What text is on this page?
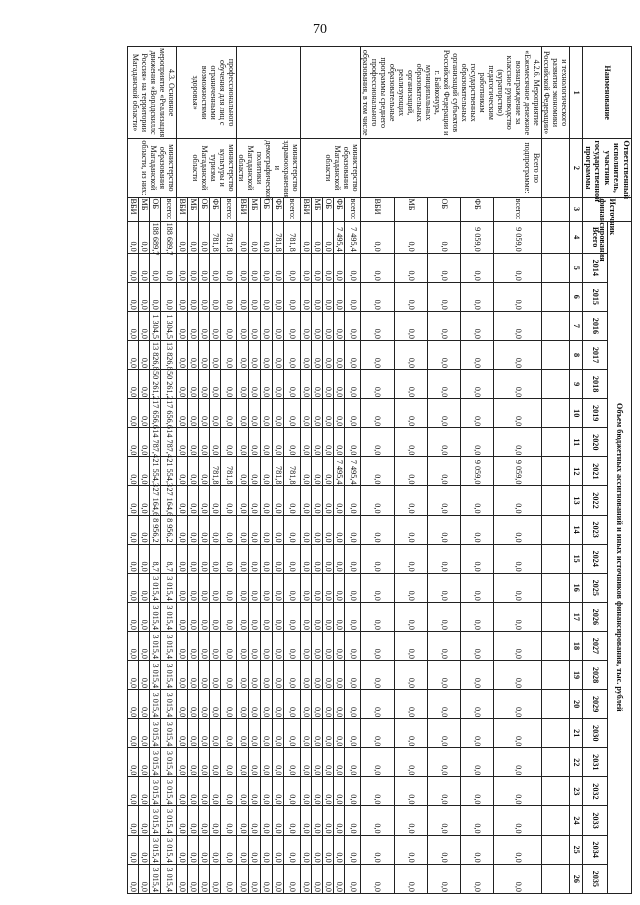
70
Наименование	Ответственный исполнитель, участник государственной программы	Источник финансирования	Объем бюджетных ассигнований и иных источников финансирования, тыс. рублей																						
			Всего	2014	2015	2016	2017	2018	2019	2020	2021	2022	2023	2024	2025	2026	2027	2028	2029	2030	2031	2032	2033	2034	2035
1	2	3	4	5	6	7	8	9	10	11	12	13	14	15	16	17	18	19	20	21	22	23	24	25	26
и технологического развития экономики Российской Федерации»																									
4.2.6. Мероприятие «Ежемесячное денежное вознаграждение за классное руководство (кураторство) педагогическим работникам государственных образовательных организаций субъектов Российской Федерации и г. Байконура, муниципальных образовательных организаций, реализующих образовательные программы среднего профессионального образования, в том числе	Всего по подпрограмме:	всего:	9 059,0	0,0	0,0	0,0	0,0	0,0	0,0	0,0	9 059,0	0,0	0,0	0,0	0,0	0,0	0,0	0,0	0,0	0,0	0,0	0,0	0,0	0,0	0,0
		ФБ	9 059,0	0,0	0,0	0,0	0,0	0,0	0,0	0,0	9 059,0	0,0	0,0	0,0	0,0	0,0	0,0	0,0	0,0	0,0	0,0	0,0	0,0	0,0	0,0
		ОБ	0,0	0,0	0,0	0,0	0,0	0,0	0,0	0,0	0,0	0,0	0,0	0,0	0,0	0,0	0,0	0,0	0,0	0,0	0,0	0,0	0,0	0,0	0,0
		МБ	0,0	0,0	0,0	0,0	0,0	0,0	0,0	0,0	0,0	0,0	0,0	0,0	0,0	0,0	0,0	0,0	0,0	0,0	0,0	0,0	0,0	0,0	0,0
		ВБИ	0,0	0,0	0,0	0,0	0,0	0,0	0,0	0,0	0,0	0,0	0,0	0,0	0,0	0,0	0,0	0,0	0,0	0,0	0,0	0,0	0,0	0,0	0,0
	министерство образования Магаданской области	всего:	7 495,4	0,0	0,0	0,0	0,0	0,0	0,0	0,0	7 495,4	0,0	0,0	0,0	0,0	0,0	0,0	0,0	0,0	0,0	0,0	0,0	0,0	0,0	0,0
		ФБ	7 495,4	0,0	0,0	0,0	0,0	0,0	0,0	0,0	7 495,4	0,0	0,0	0,0	0,0	0,0	0,0	0,0	0,0	0,0	0,0	0,0	0,0	0,0	0,0
		ОБ	0,0	0,0	0,0	0,0	0,0	0,0	0,0	0,0	0,0	0,0	0,0	0,0	0,0	0,0	0,0	0,0	0,0	0,0	0,0	0,0	0,0	0,0	0,0
		МБ	0,0	0,0	0,0	0,0	0,0	0,0	0,0	0,0	0,0	0,0	0,0	0,0	0,0	0,0	0,0	0,0	0,0	0,0	0,0	0,0	0,0	0,0	0,0
		ВБИ	0,0	0,0	0,0	0,0	0,0	0,0	0,0	0,0	0,0	0,0	0,0	0,0	0,0	0,0	0,0	0,0	0,0	0,0	0,0	0,0	0,0	0,0	0,0
	министерство здравоохранения и демографической политики Магаданской области	всего:	781,8	0,0	0,0	0,0	0,0	0,0	0,0	0,0	781,8	0,0	0,0	0,0	0,0	0,0	0,0	0,0	0,0	0,0	0,0	0,0	0,0	0,0	0,0
		ФБ	781,8	0,0	0,0	0,0	0,0	0,0	0,0	0,0	781,8	0,0	0,0	0,0	0,0	0,0	0,0	0,0	0,0	0,0	0,0	0,0	0,0	0,0	0,0
		ОБ	0,0	0,0	0,0	0,0	0,0	0,0	0,0	0,0	0,0	0,0	0,0	0,0	0,0	0,0	0,0	0,0	0,0	0,0	0,0	0,0	0,0	0,0	0,0
		МБ	0,0	0,0	0,0	0,0	0,0	0,0	0,0	0,0	0,0	0,0	0,0	0,0	0,0	0,0	0,0	0,0	0,0	0,0	0,0	0,0	0,0	0,0	0,0
		ВБИ	0,0	0,0	0,0	0,0	0,0	0,0	0,0	0,0	0,0	0,0	0,0	0,0	0,0	0,0	0,0	0,0	0,0	0,0	0,0	0,0	0,0	0,0	0,0
профессионального обучения для лиц с ограниченными возможностями здоровья»	министерство культуры и туризма Магаданской области	всего:	781,8	0,0	0,0	0,0	0,0	0,0	0,0	0,0	781,8	0,0	0,0	0,0	0,0	0,0	0,0	0,0	0,0	0,0	0,0	0,0	0,0	0,0	0,0
		ФБ	781,8	0,0	0,0	0,0	0,0	0,0	0,0	0,0	781,8	0,0	0,0	0,0	0,0	0,0	0,0	0,0	0,0	0,0	0,0	0,0	0,0	0,0	0,0
		ОБ	0,0	0,0	0,0	0,0	0,0	0,0	0,0	0,0	0,0	0,0	0,0	0,0	0,0	0,0	0,0	0,0	0,0	0,0	0,0	0,0	0,0	0,0	0,0
		МБ	0,0	0,0	0,0	0,0	0,0	0,0	0,0	0,0	0,0	0,0	0,0	0,0	0,0	0,0	0,0	0,0	0,0	0,0	0,0	0,0	0,0	0,0	0,0
		ВБИ	0,0	0,0	0,0	0,0	0,0	0,0	0,0	0,0	0,0	0,0	0,0	0,0	0,0	0,0	0,0	0,0	0,0	0,0	0,0	0,0	0,0	0,0	0,0
4.3. Основное мероприятие «Реализация движения «Ворлдскиллс Россия» на территории Магаданской области»	министерство образования Магаданской области, из них:	всего:	188 689,7	0,0	0,0	1 304,5	13 826,8	50 261,2	17 656,6	14 787,4	21 554,3	27 164,6	8 956,2	8,7	3 015,4	3 015,4	3 015,4	3 015,4	3 015,4	3 015,4	3 015,4	3 015,4	3 015,4	3 015,4	3 015,4
		ОБ	188 689,7	0,0	0,0	1 304,5	13 826,8	50 261,2	17 656,6	14 787,4	21 554,3	27 164,6	8 956,2	8,7	3 015,4	3 015,4	3 015,4	3 015,4	3 015,4	3 015,4	3 015,4	3 015,4	3 015,4	3 015,4	3 015,4
		МБ	0,0	0,0	0,0	0,0	0,0	0,0	0,0	0,0	0,0	0,0	0,0	0,0	0,0	0,0	0,0	0,0	0,0	0,0	0,0	0,0	0,0	0,0	0,0
		ВБИ	0,0	0,0	0,0	0,0	0,0	0,0	0,0	0,0	0,0	0,0	0,0	0,0	0,0	0,0	0,0	0,0	0,0	0,0	0,0	0,0	0,0	0,0	0,0
